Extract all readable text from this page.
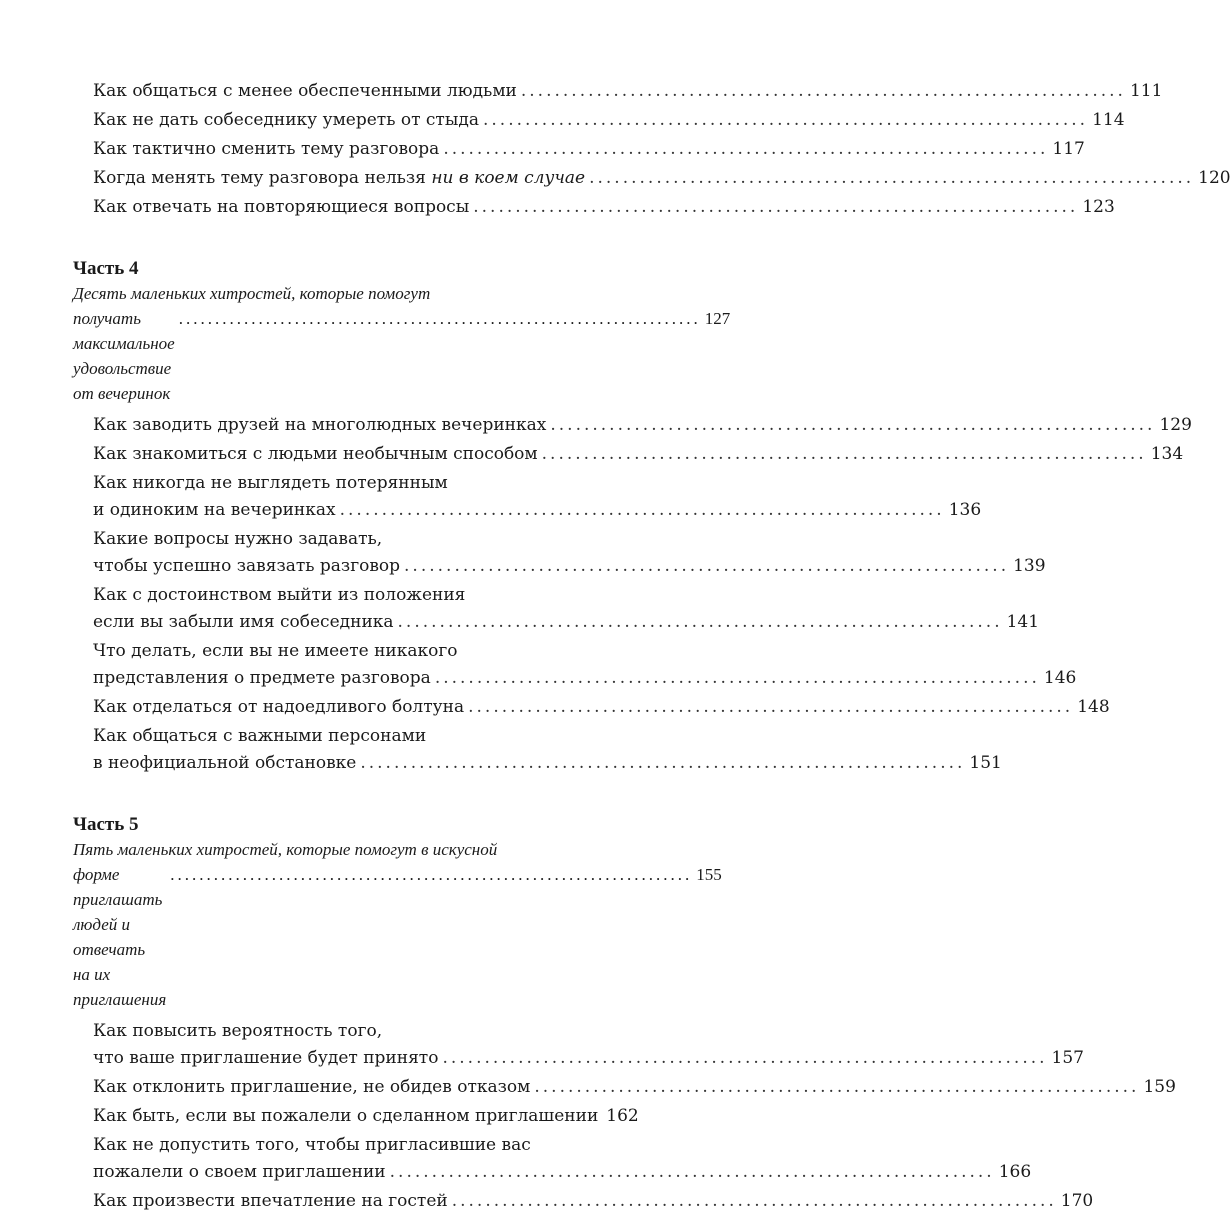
Как общаться с менее обеспеченными людьми ........................................................................ 111
Как не дать собеседнику умереть от стыда ........................................................................ 114
Как тактично сменить тему разговора ........................................................................ 117
Когда менять тему разговора нельзя ни в коем случае ........................................................................ 120
Как отвечать на повторяющиеся вопросы ........................................................................ 123
Часть 4
Десять маленьких хитростей, которые помогут
получать максимальное удовольствие от вечеринок
........................................................................ 127
Как заводить друзей на многолюдных вечеринках ........................................................................ 129
Как знакомиться с людьми необычным способом ........................................................................ 134
Как никогда не выглядеть потерянным
и одиноким на вечеринках ........................................................................ 136
Какие вопросы нужно задавать,
чтобы успешно завязать разговор ........................................................................ 139
Как с достоинством выйти из положения
если вы забыли имя собеседника ........................................................................ 141
Что делать, если вы не имеете никакого
представления о предмете разговора ........................................................................ 146
Как отделаться от надоедливого болтуна ........................................................................ 148
Как общаться с важными персонами
в неофициальной обстановке ........................................................................ 151
Часть 5
Пять маленьких хитростей, которые помогут в искусной
форме приглашать людей и отвечать на их приглашения
........................................................................ 155
Как повысить вероятность того,
что ваше приглашение будет принято ........................................................................ 157
Как отклонить приглашение, не обидев отказом ........................................................................ 159
Как быть, если вы пожалели о сделанном приглашении 162
Как не допустить того, чтобы пригласившие вас
пожалели о своем приглашении ........................................................................ 166
Как произвести впечатление на гостей ........................................................................ 170
